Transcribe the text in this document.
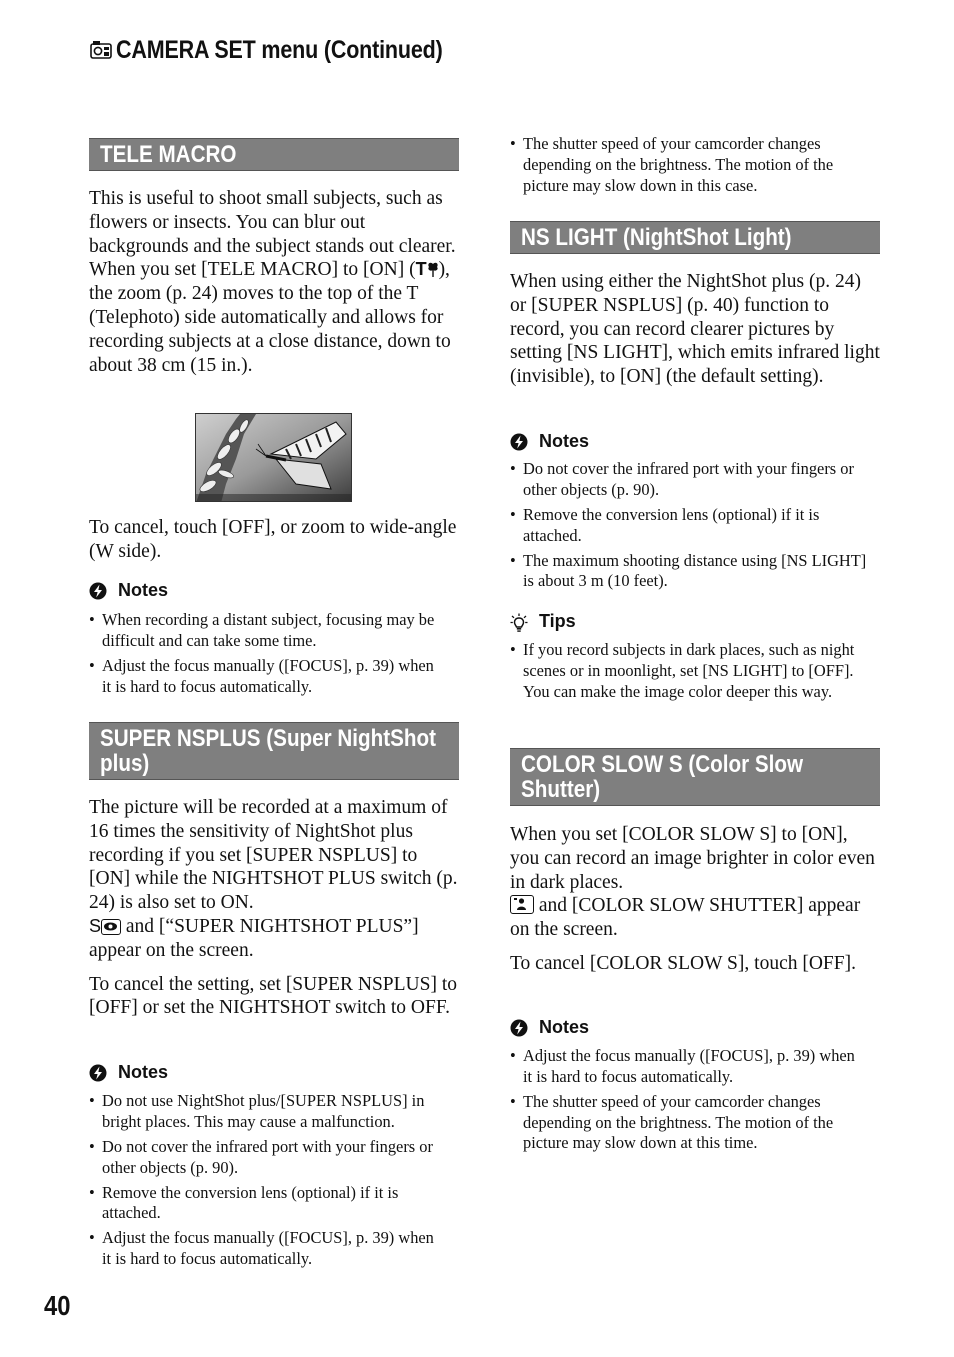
CAMERA SET menu (Continued)
TELE MACRO

This is useful to shoot small subjects, such as flowers or insects. You can blur out backgrounds and the subject stands out clearer.

When you set [TELE MACRO] to [ON] (T ), the zoom (p. 24) moves to the top of the T (Telephoto) side automatically and allows for recording subjects at a close distance, down to about 38 cm (15 in.).

To cancel, touch [OFF], or zoom to wide-angle (W side).

Notes
• When recording a distant subject, focusing may be difficult and can take some time.
• Adjust the focus manually ([FOCUS], p. 39) when it is hard to focus automatically.
SUPER NSPLUS (Super NightShot plus)

The picture will be recorded at a maximum of 16 times the sensitivity of NightShot plus recording if you set [SUPER NSPLUS] to [ON] while the NIGHTSHOT PLUS switch (p. 24) is also set to ON.

S
and [“SUPER NIGHTSHOT PLUS”] appear on the screen.

To cancel the setting, set [SUPER NSPLUS] to [OFF] or set the NIGHTSHOT switch to OFF.

Notes
• Do not use NightShot plus/[SUPER NSPLUS] in bright places. This may cause a malfunction.
• Do not cover the infrared port with your fingers or other objects (p. 90).
• Remove the conversion lens (optional) if it is attached.
• Adjust the focus manually ([FOCUS], p. 39) when it is hard to focus automatically.
• The shutter speed of your camcorder changes depending on the brightness. The motion of the picture may slow down in this case.
NS LIGHT (NightShot Light)

When using either the NightShot plus (p. 24) or [SUPER NSPLUS] (p. 40) function to record, you can record clearer pictures by setting [NS LIGHT], which emits infrared light (invisible), to [ON] (the default setting).

Notes
• Do not cover the infrared port with your fingers or other objects (p. 90).
• Remove the conversion lens (optional) if it is attached.
• The maximum shooting distance using [NS LIGHT] is about 3 m (10 feet).
Tips
• If you record subjects in dark places, such as night scenes or in moonlight, set [NS LIGHT] to [OFF]. You can make the image color deeper this way.
COLOR SLOW S (Color Slow Shutter)

When you set [COLOR SLOW S] to [ON], you can record an image brighter in color even in dark places.

and [COLOR SLOW SHUTTER] appear on the screen.

To cancel [COLOR SLOW S], touch [OFF].

Notes
• Adjust the focus manually ([FOCUS], p. 39) when it is hard to focus automatically.
• The shutter speed of your camcorder changes depending on the brightness. The motion of the picture may slow down at this time.
40
